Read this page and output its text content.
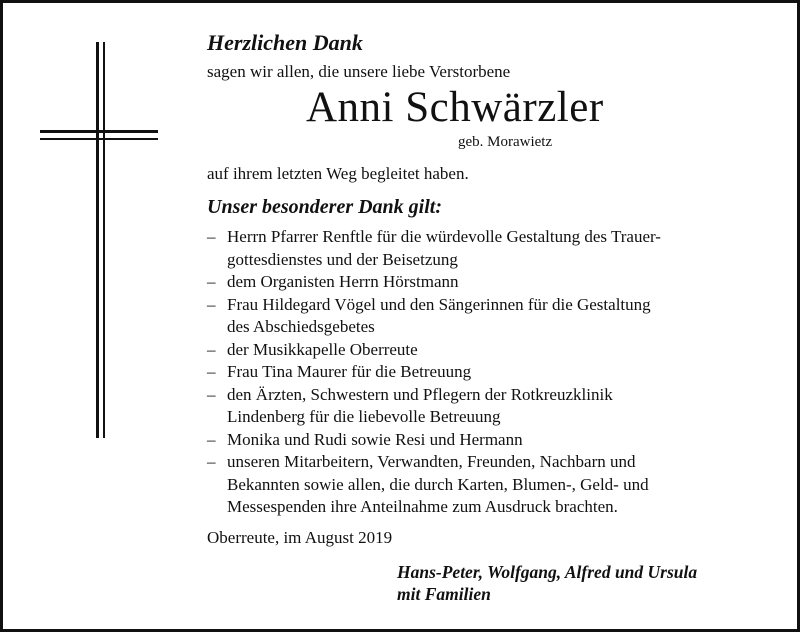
Herzlichen Dank

sagen wir allen, die unsere liebe Verstorbene

Anni Schwärzler

geb. Morawietz

auf ihrem letzten Weg begleitet haben.

Unser besonderer Dank gilt:

– Herrn Pfarrer Renftle für die würdevolle Gestaltung des Trauer-
gottesdienstes und der Beisetzung
– dem Organisten Herrn Hörstmann
– Frau Hildegard Vögel und den Sängerinnen für die Gestaltung
des Abschiedsgebetes
– der Musikkapelle Oberreute
– Frau Tina Maurer für die Betreuung
– den Ärzten, Schwestern und Pflegern der Rotkreuzklinik
Lindenberg für die liebevolle Betreuung
– Monika und Rudi sowie Resi und Hermann
– unseren Mitarbeitern, Verwandten, Freunden, Nachbarn und
Bekannten sowie allen, die durch Karten, Blumen-, Geld- und
Messespenden ihre Anteilnahme zum Ausdruck brachten.

Oberreute, im August 2019

Hans-Peter, Wolfgang, Alfred und Ursula

mit Familien
